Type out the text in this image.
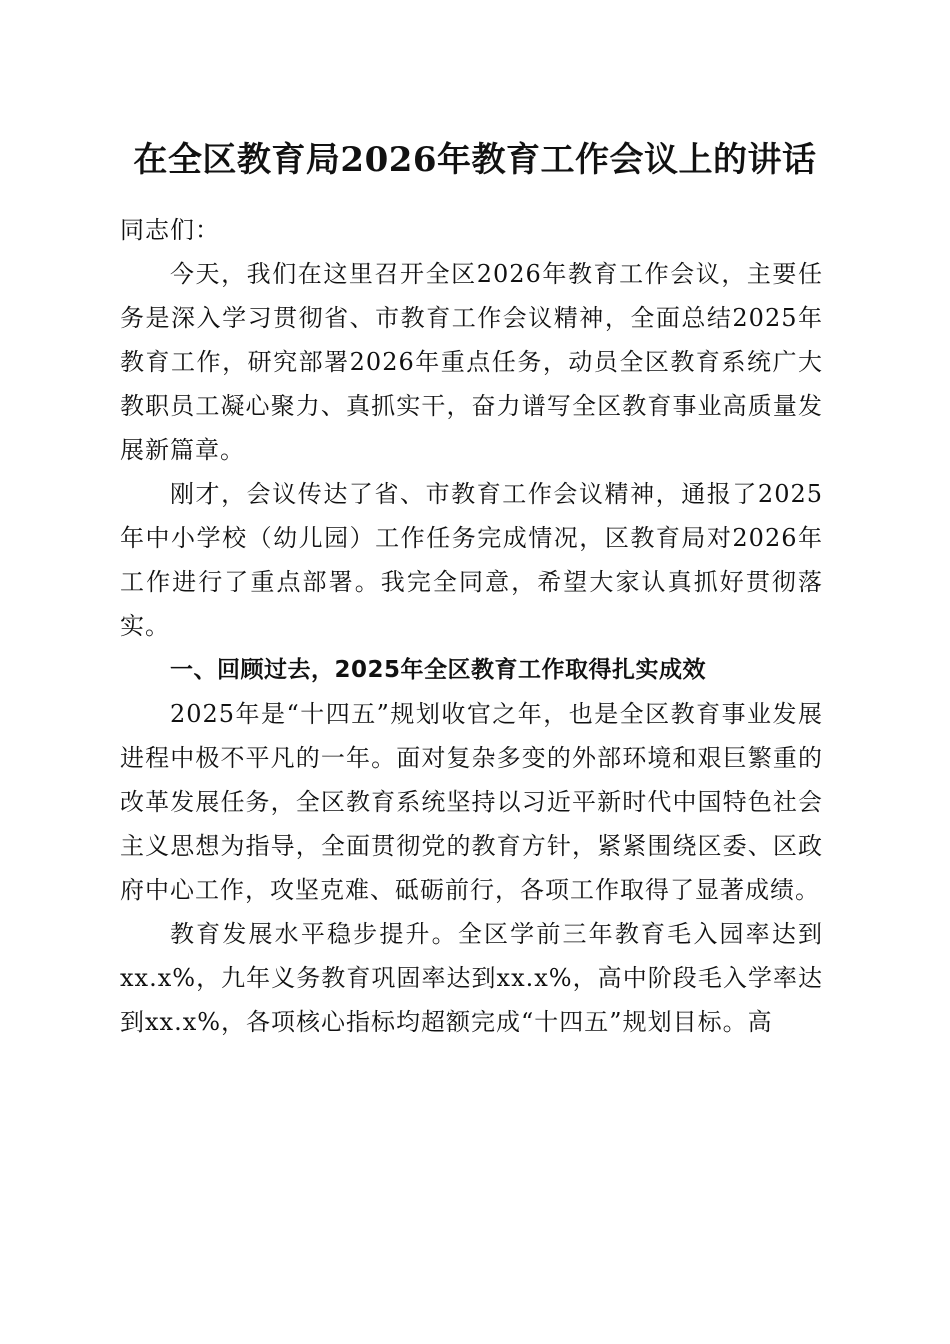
在全区教育局2026年教育工作会议上的讲话

同志们：

今天，我们在这里召开全区2026年教育工作会议，主要任务是深入学习贯彻省、市教育工作会议精神，全面总结2025年教育工作，研究部署2026年重点任务，动员全区教育系统广大教职员工凝心聚力、真抓实干，奋力谱写全区教育事业高质量发展新篇章。

刚才，会议传达了省、市教育工作会议精神，通报了2025年中小学校（幼儿园）工作任务完成情况，区教育局对2026年工作进行了重点部署。我完全同意，希望大家认真抓好贯彻落实。

一、回顾过去，2025年全区教育工作取得扎实成效

2025年是“十四五”规划收官之年，也是全区教育事业发展进程中极不平凡的一年。面对复杂多变的外部环境和艰巨繁重的改革发展任务，全区教育系统坚持以习近平新时代中国特色社会主义思想为指导，全面贯彻党的教育方针，紧紧围绕区委、区政府中心工作，攻坚克难、砥砺前行，各项工作取得了显著成绩。

教育发展水平稳步提升。全区学前三年教育毛入园率达到xx.x%，九年义务教育巩固率达到xx.x%，高中阶段毛入学率达到xx.x%，各项核心指标均超额完成“十四五”规划目标。高
